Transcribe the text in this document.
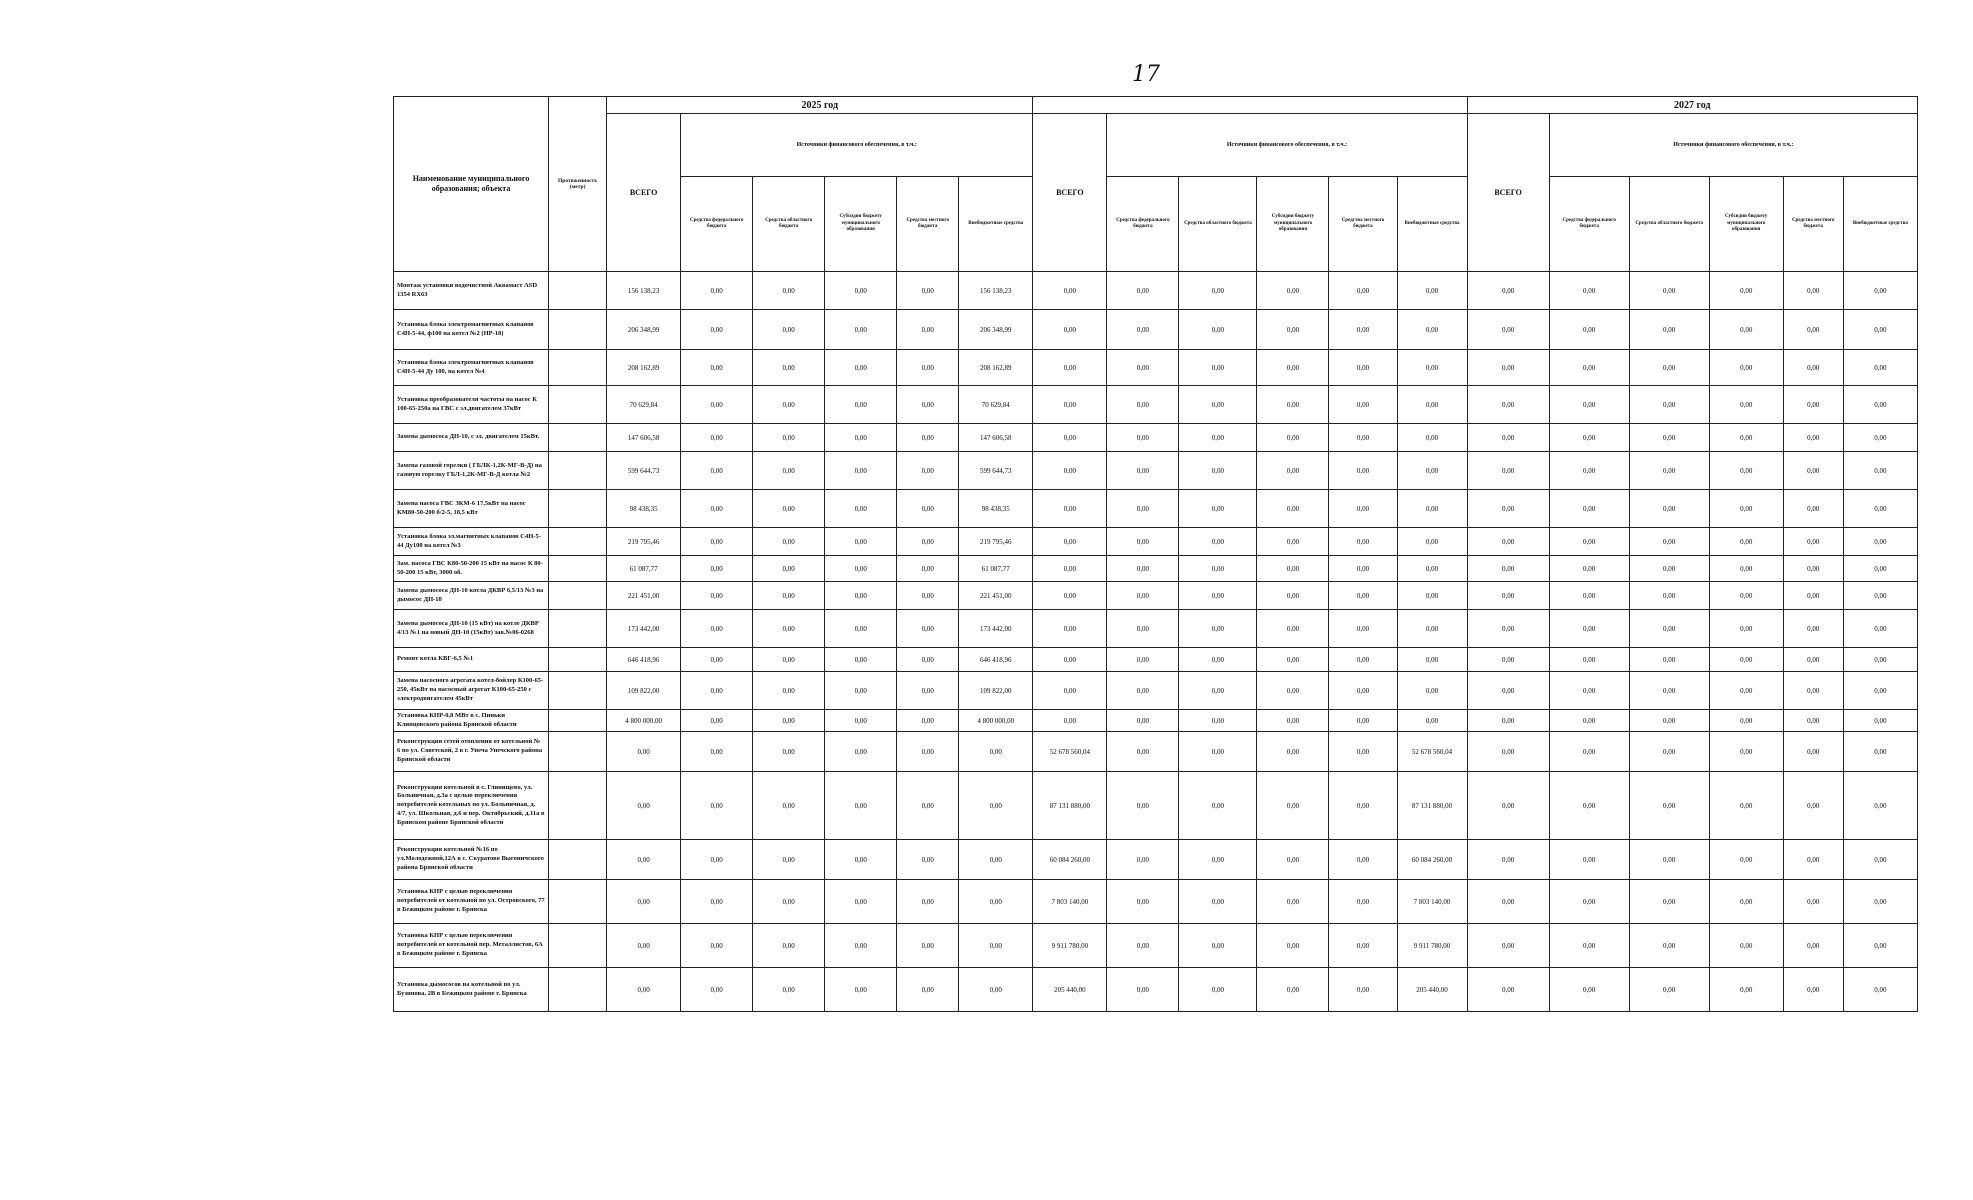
17
Наименование муниципального образования; объекта	Протяженность (метр)	2025 год												2027 год					
		ВСЕГО	Источники финансового обеспечения, в т.ч.:					ВСЕГО	Источники финансового обеспечения, в т.ч.:					ВСЕГО	Источники финансового обеспечения, в т.ч.:				
			Средства федерального бюджета	Средства областного бюджета	Субсидии бюджету муниципального образования	Средства местного бюджета	Внебюджетные средства		Средства федерального бюджета	Средства областного бюджета	Субсидии бюджету муниципального образования	Средства местного бюджета	Внебюджетные средства		Средства федерального бюджета	Средства областного бюджета	Субсидии бюджету муниципального образования	Средства местного бюджета	Внебюджетные средства
Монтаж установки водочистной Аквамаст ASD 1354 RX63		156 138,23	0,00	0,00	0,00	0,00	156 138,23	0,00	0,00	0,00	0,00	0,00	0,00	0,00	0,00	0,00	0,00	0,00	0,00
Установка блока электромагнитных клапанов С4Н-5-44, ф100 на котел №2 (НР-18)		206 348,99	0,00	0,00	0,00	0,00	206 348,99	0,00	0,00	0,00	0,00	0,00	0,00	0,00	0,00	0,00	0,00	0,00	0,00
Установка блока электромагнитных клапанов С4Н-5-44 Ду 100, на котел №4		208 162,89	0,00	0,00	0,00	0,00	208 162,89	0,00	0,00	0,00	0,00	0,00	0,00	0,00	0,00	0,00	0,00	0,00	0,00
Установка преобразователя частоты на насос К 100-65-250а на ГВС с эл.двигателем 37кВт		70 629,84	0,00	0,00	0,00	0,00	70 629,84	0,00	0,00	0,00	0,00	0,00	0,00	0,00	0,00	0,00	0,00	0,00	0,00
Замена дымососа ДН-10, с эл. двигателем 15кВт.		147 606,58	0,00	0,00	0,00	0,00	147 606,58	0,00	0,00	0,00	0,00	0,00	0,00	0,00	0,00	0,00	0,00	0,00	0,00
Замена газовой горелки ( ГБЛК-1,2К-МГ-В-Д) на газовую горелку ГБЛ-1,2К-МГ-В-Д котла №2		599 644,73	0,00	0,00	0,00	0,00	599 644,73	0,00	0,00	0,00	0,00	0,00	0,00	0,00	0,00	0,00	0,00	0,00	0,00
Замена насоса ГВС ЗКМ-6 17,5кВт на насос КМ80-50-200 б/2-5, 18,5 кВт		98 438,35	0,00	0,00	0,00	0,00	98 438,35	0,00	0,00	0,00	0,00	0,00	0,00	0,00	0,00	0,00	0,00	0,00	0,00
Установка блока эл.магнитных клапанов С4Н-5-44 Ду100 на котел №3		219 795,46	0,00	0,00	0,00	0,00	219 795,46	0,00	0,00	0,00	0,00	0,00	0,00	0,00	0,00	0,00	0,00	0,00	0,00
Зам. насоса ГВС К80-50-200 15 кВт на насос К 80-50-200 15 кВт, 3000 об.		61 087,77	0,00	0,00	0,00	0,00	61 087,77	0,00	0,00	0,00	0,00	0,00	0,00	0,00	0,00	0,00	0,00	0,00	0,00
Замена дымососа ДН-10 котла ДКВР 6,5/13 №3 на дымосос ДН-10		221 451,00	0,00	0,00	0,00	0,00	221 451,00	0,00	0,00	0,00	0,00	0,00	0,00	0,00	0,00	0,00	0,00	0,00	0,00
Замена дымососа ДН-10 (15 кВт) на котле ДКВР 4/13 №1 на новый ДН-10 (15кВт) зав.№06-0268		173 442,00	0,00	0,00	0,00	0,00	173 442,00	0,00	0,00	0,00	0,00	0,00	0,00	0,00	0,00	0,00	0,00	0,00	0,00
Ремонт котла КВГ-6,5 №1		646 418,96	0,00	0,00	0,00	0,00	646 418,96	0,00	0,00	0,00	0,00	0,00	0,00	0,00	0,00	0,00	0,00	0,00	0,00
Замена насосного агрегата котел-бойлер К100-65-250, 45кВт на насосный агрегат К100-65-250 с электродвигателем 45кВт		109 822,00	0,00	0,00	0,00	0,00	109 822,00	0,00	0,00	0,00	0,00	0,00	0,00	0,00	0,00	0,00	0,00	0,00	0,00
Установка КНР-0,8 МВт в с. Пиньки Клинцовского района Брянской области		4 800 000,00	0,00	0,00	0,00	0,00	4 800 000,00	0,00	0,00	0,00	0,00	0,00	0,00	0,00	0,00	0,00	0,00	0,00	0,00
Реконструкция сетей отопления от котельной № 6 по ул. Советской, 2 в г. Унеча Унечского района Брянской области		0,00	0,00	0,00	0,00	0,00	0,00	52 678 560,04	0,00	0,00	0,00	0,00	52 678 560,04	0,00	0,00	0,00	0,00	0,00	0,00
Реконструкция котельной в с. Глинищево, ул. Больничная, д.3а с целью переключения потребителей котельных по ул. Больничная, д. 4/7, ул. Школьная, д.6 и пер. Октябрьский, д.11а в Брянском районе Брянской области		0,00	0,00	0,00	0,00	0,00	0,00	87 131 880,00	0,00	0,00	0,00	0,00	87 131 880,00	0,00	0,00	0,00	0,00	0,00	0,00
Реконструкция котельной №16 по ул.Молодежной,12А в с. Скуратово Выгоничского района Брянской области		0,00	0,00	0,00	0,00	0,00	0,00	60 084 260,00	0,00	0,00	0,00	0,00	60 084 260,00	0,00	0,00	0,00	0,00	0,00	0,00
Установка КНР с целью переключения потребителей от котельной по ул. Островского, 77 в Бежицком районе г. Брянска		0,00	0,00	0,00	0,00	0,00	0,00	7 803 140,00	0,00	0,00	0,00	0,00	7 803 140,00	0,00	0,00	0,00	0,00	0,00	0,00
Установка КНР с целью переключения потребителей от котельной пер. Металлистов, 6А в Бежицком районе г. Брянска		0,00	0,00	0,00	0,00	0,00	0,00	9 911 780,00	0,00	0,00	0,00	0,00	9 911 780,00	0,00	0,00	0,00	0,00	0,00	0,00
Установка дымососов на котельной по ул. Бузинова, 2В в Бежицком районе г. Брянска		0,00	0,00	0,00	0,00	0,00	0,00	205 440,00	0,00	0,00	0,00	0,00	205 440,00	0,00	0,00	0,00	0,00	0,00	0,00
